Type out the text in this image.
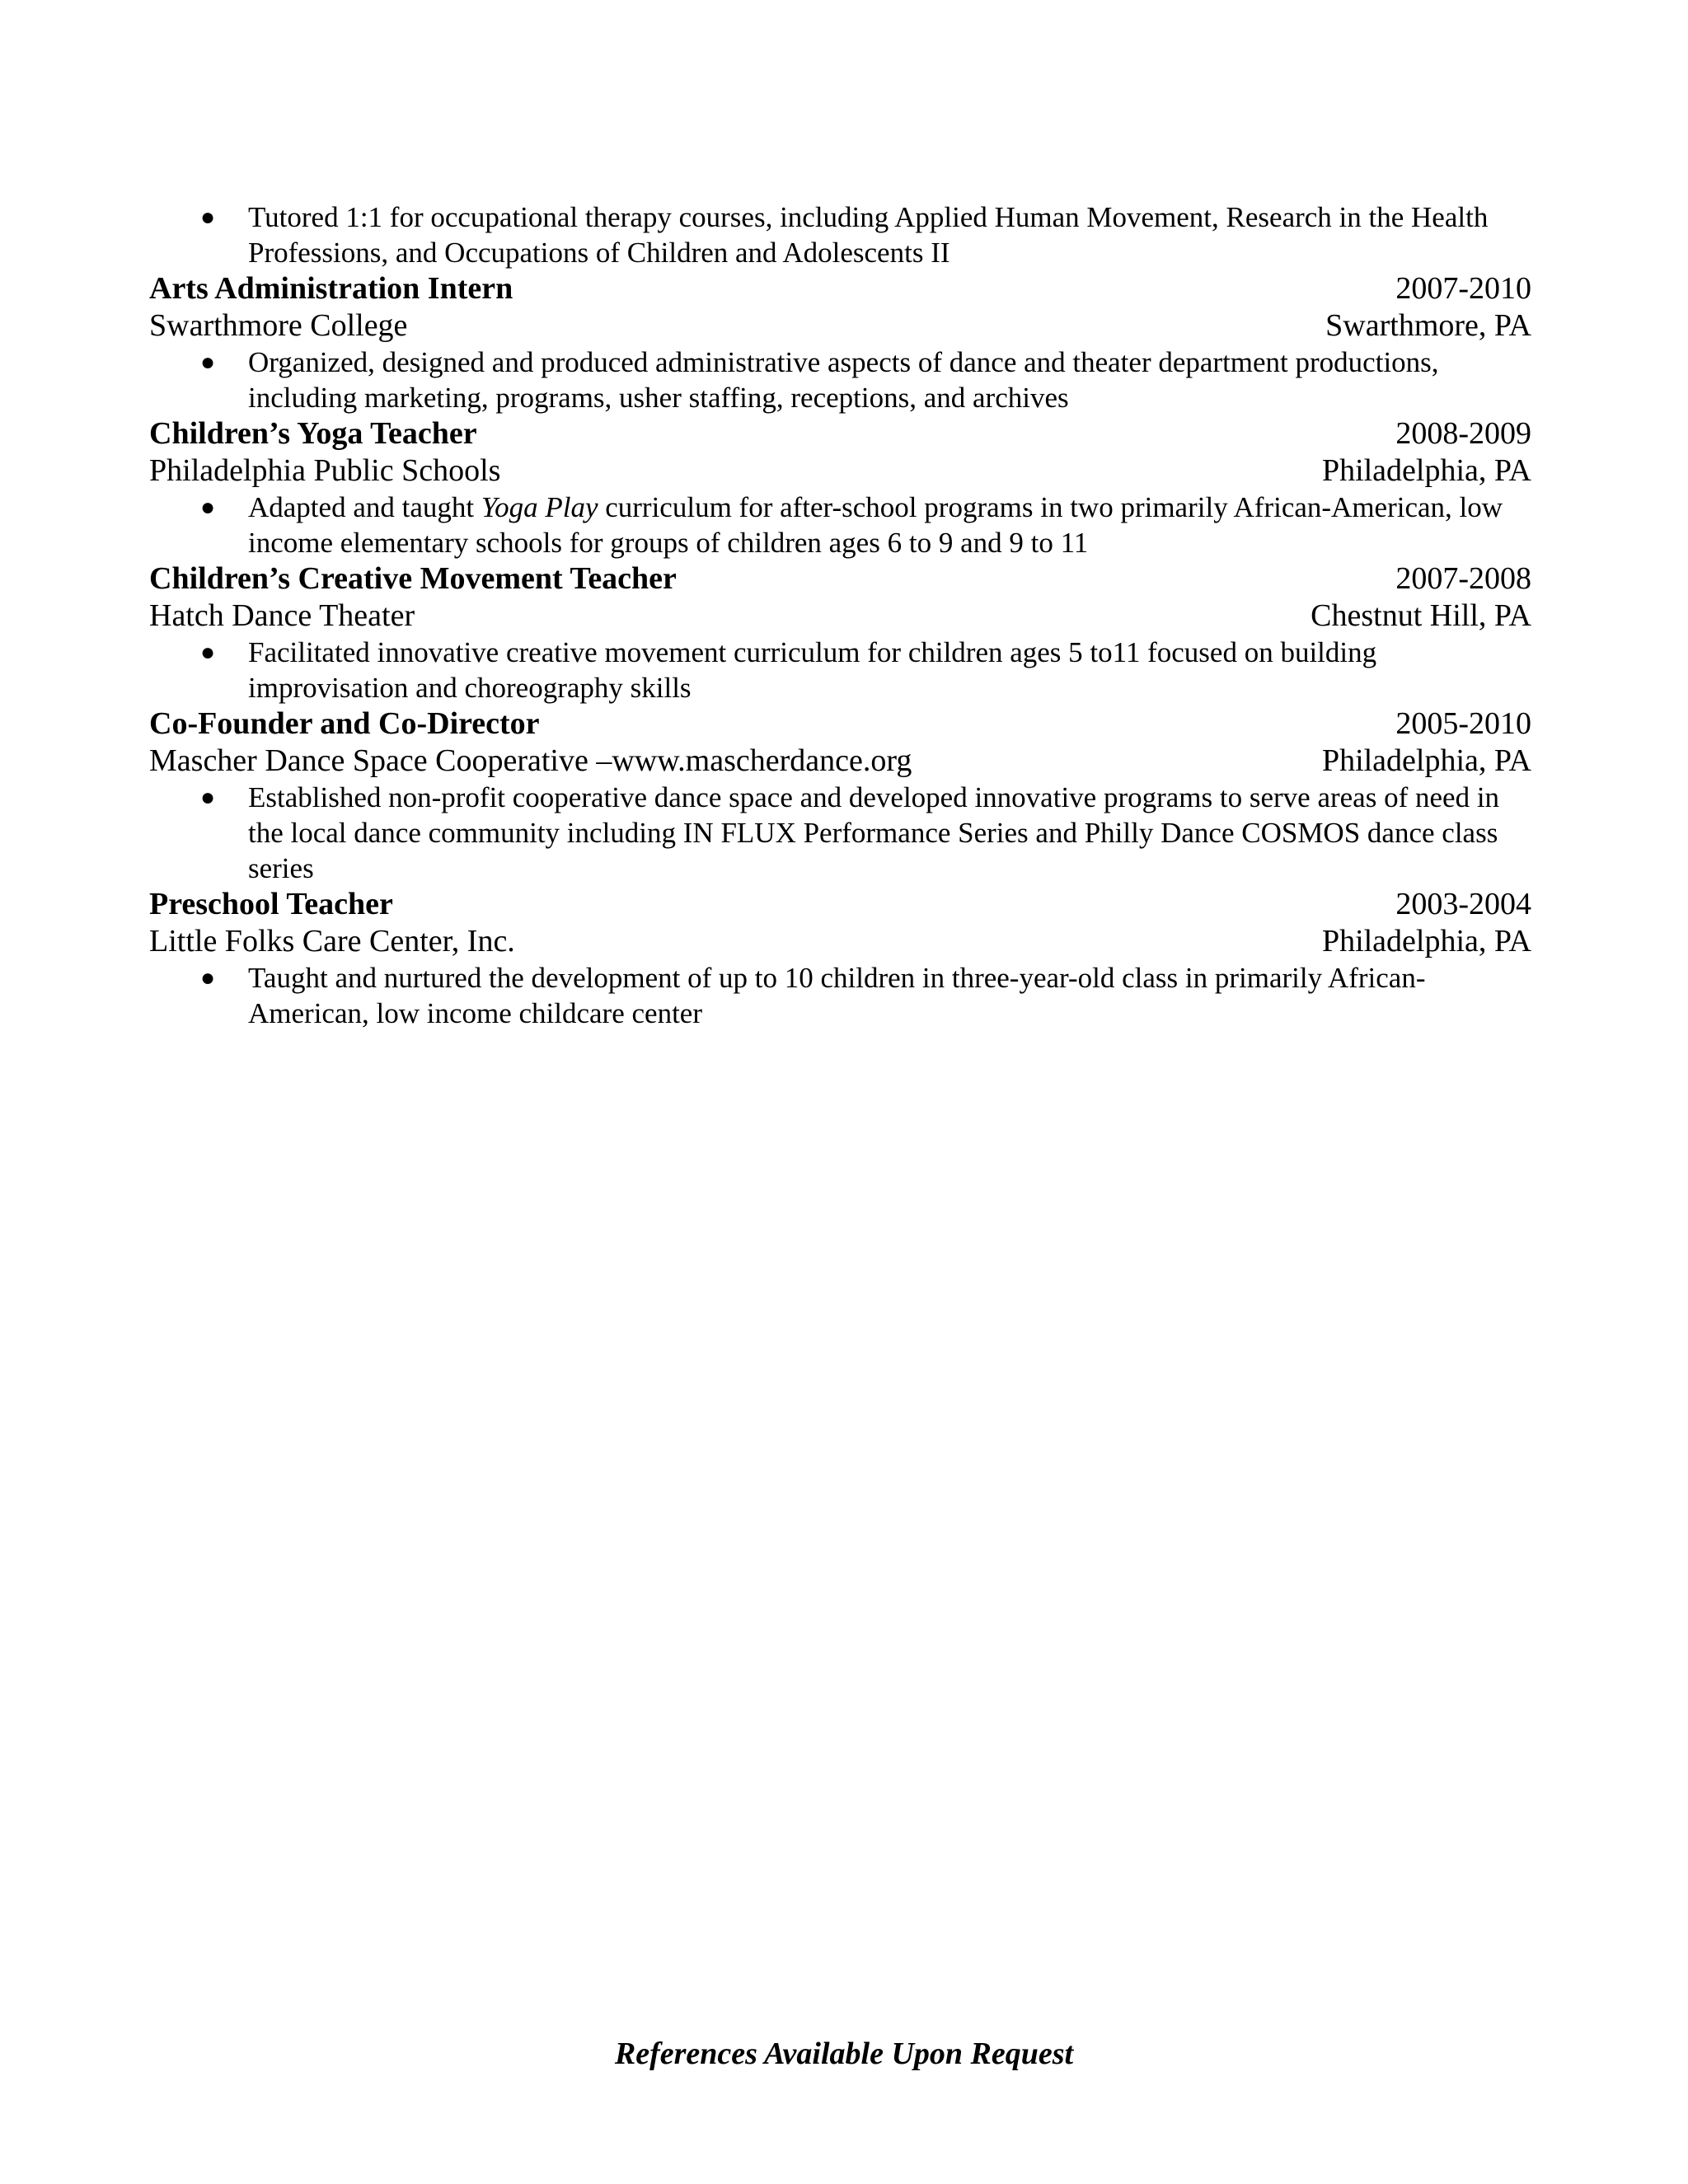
● Tutored 1:1 for occupational therapy courses, including Applied Human Movement, Research in the Health Professions, and Occupations of Children and Adolescents II
Arts Administration Intern	2007-2010
Swarthmore College	Swarthmore, PA
● Organized, designed and produced administrative aspects of dance and theater department productions, including marketing, programs, usher staffing, receptions, and archives
Children’s Yoga Teacher	2008-2009
Philadelphia Public Schools	Philadelphia, PA
● Adapted and taught Yoga Play curriculum for after-school programs in two primarily African-American, low income elementary schools for groups of children ages 6 to 9 and 9 to 11
Children’s Creative Movement Teacher	2007-2008
Hatch Dance Theater	Chestnut Hill, PA
● Facilitated innovative creative movement curriculum for children ages 5 to11 focused on building improvisation and choreography skills
Co-Founder and Co-Director	2005-2010
Mascher Dance Space Cooperative –www.mascherdance.org	Philadelphia, PA
● Established non-profit cooperative dance space and developed innovative programs to serve areas of need in the local dance community including IN FLUX Performance Series and Philly Dance COSMOS dance class series
Preschool Teacher	2003-2004
Little Folks Care Center, Inc.	Philadelphia, PA
● Taught and nurtured the development of up to 10 children in three-year-old class in primarily African-American, low income childcare center
References Available Upon Request
